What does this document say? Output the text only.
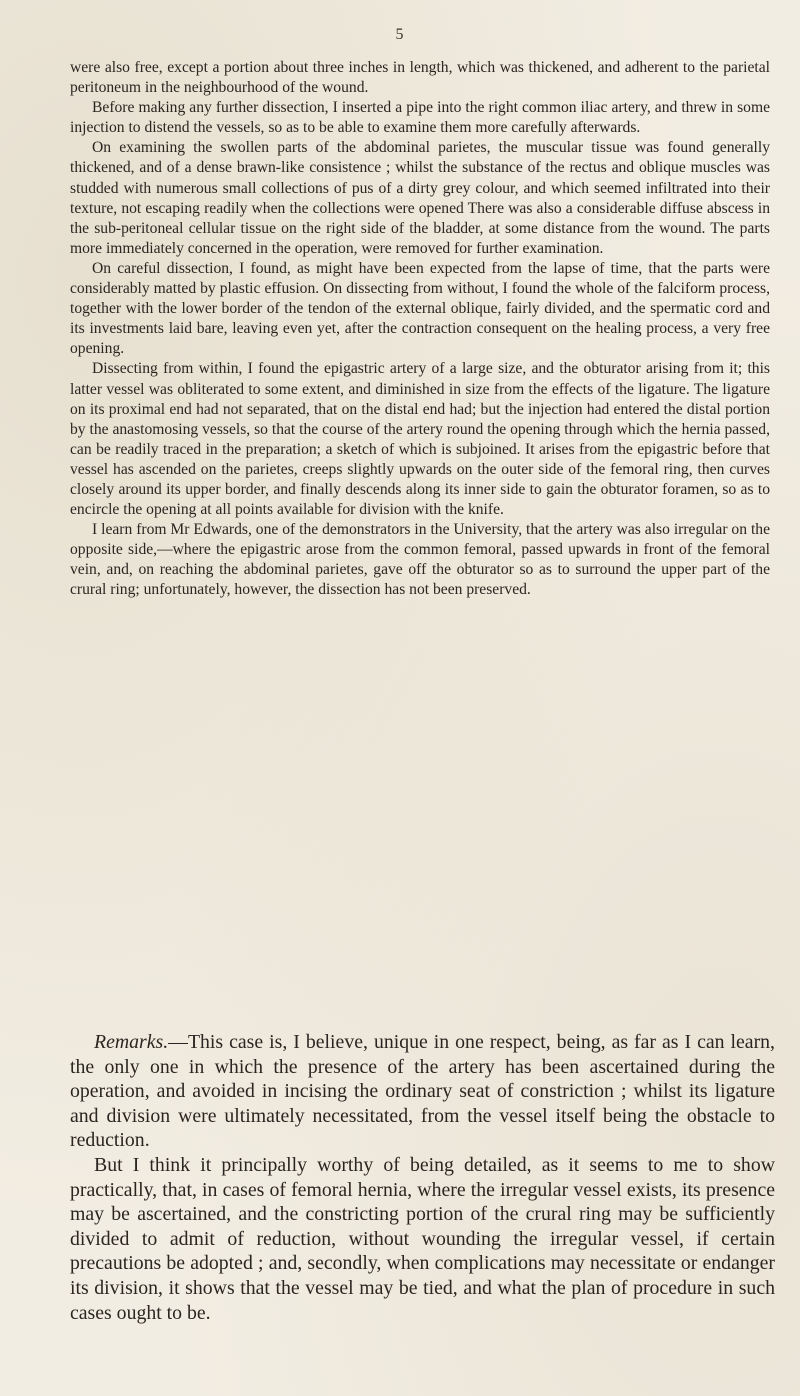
5

were also free, except a portion about three inches in length, which was thickened, and adherent to the parietal peritoneum in the neighbourhood of the wound.

Before making any further dissection, I inserted a pipe into the right common iliac artery, and threw in some injection to distend the vessels, so as to be able to examine them more carefully afterwards.

On examining the swollen parts of the abdominal parietes, the muscular tissue was found generally thickened, and of a dense brawn-like consistence ; whilst the substance of the rectus and oblique muscles was studded with numerous small collections of pus of a dirty grey colour, and which seemed infiltrated into their texture, not escaping readily when the collections were opened There was also a considerable diffuse abscess in the sub-peritoneal cellular tissue on the right side of the bladder, at some distance from the wound. The parts more immediately concerned in the operation, were removed for further examination.

On careful dissection, I found, as might have been expected from the lapse of time, that the parts were considerably matted by plastic effusion. On dissecting from without, I found the whole of the falciform process, together with the lower border of the tendon of the external oblique, fairly divided, and the spermatic cord and its investments laid bare, leaving even yet, after the contraction consequent on the healing process, a very free opening.

Dissecting from within, I found the epigastric artery of a large size, and the obturator arising from it; this latter vessel was obliterated to some extent, and diminished in size from the effects of the ligature. The ligature on its proximal end had not separated, that on the distal end had; but the injection had entered the distal portion by the anastomosing vessels, so that the course of the artery round the opening through which the hernia passed, can be readily traced in the preparation; a sketch of which is subjoined. It arises from the epigastric before that vessel has ascended on the parietes, creeps slightly upwards on the outer side of the femoral ring, then curves closely around its upper border, and finally descends along its inner side to gain the obturator foramen, so as to encircle the opening at all points available for division with the knife.

I learn from Mr Edwards, one of the demonstrators in the University, that the artery was also irregular on the opposite side,—where the epigastric arose from the common femoral, passed upwards in front of the femoral vein, and, on reaching the abdominal parietes, gave off the obturator so as to surround the upper part of the crural ring; unfortunately, however, the dissection has not been preserved.

Remarks.—This case is, I believe, unique in one respect, being, as far as I can learn, the only one in which the presence of the artery has been ascertained during the operation, and avoided in incising the ordinary seat of constriction ; whilst its ligature and division were ultimately necessitated, from the vessel itself being the obstacle to reduction.

But I think it principally worthy of being detailed, as it seems to me to show practically, that, in cases of femoral hernia, where the irregular vessel exists, its presence may be ascertained, and the constricting portion of the crural ring may be sufficiently divided to admit of reduction, without wounding the irregular vessel, if certain precautions be adopted ; and, secondly, when complications may necessitate or endanger its division, it shows that the vessel may be tied, and what the plan of procedure in such cases ought to be.
